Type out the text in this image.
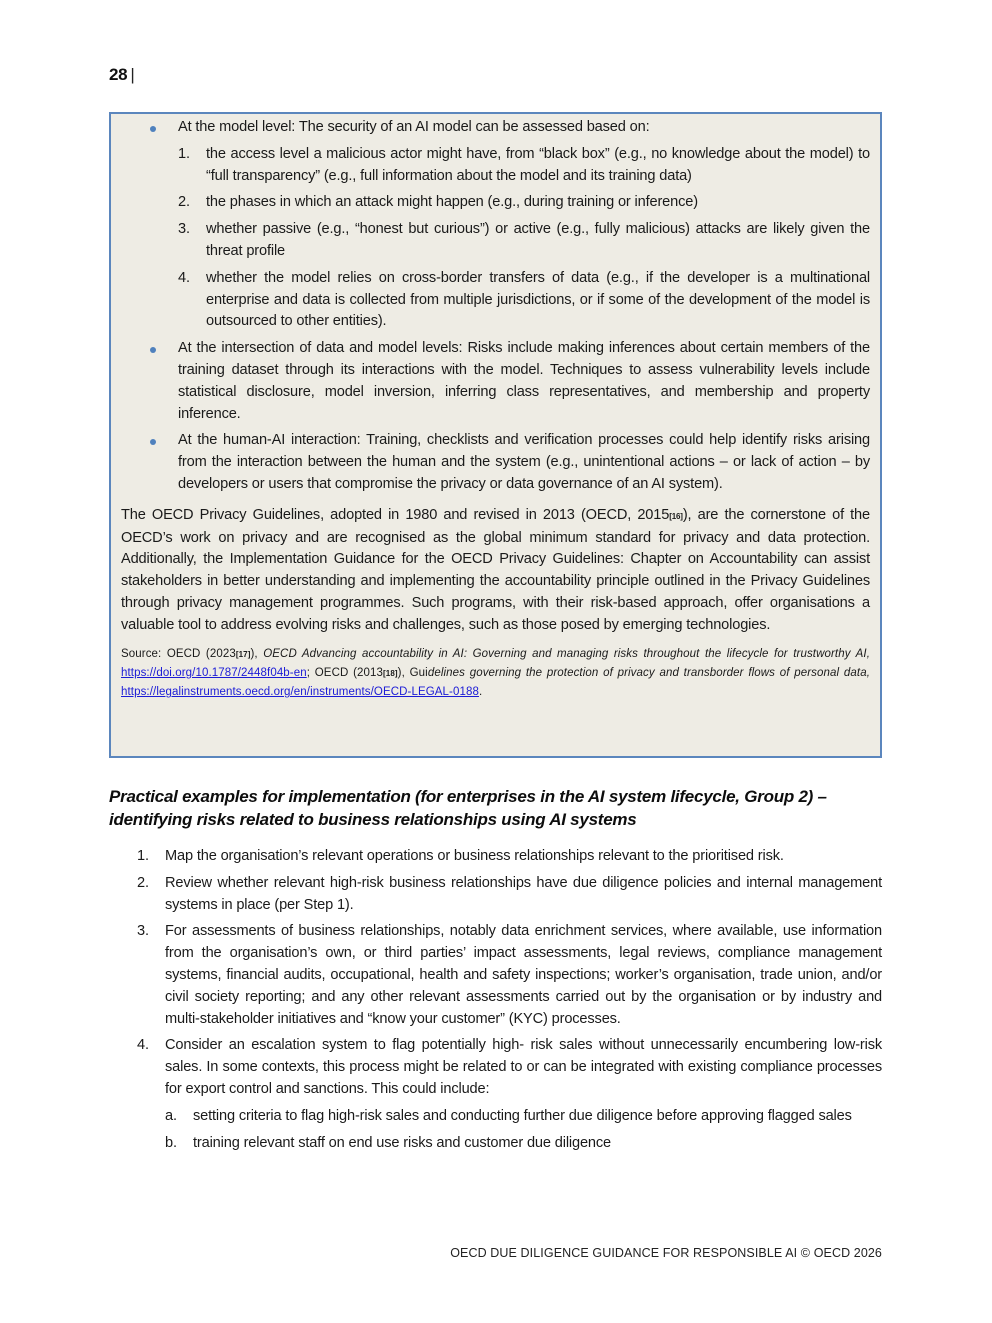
28 |
At the model level: The security of an AI model can be assessed based on:
1. the access level a malicious actor might have, from “black box” (e.g., no knowledge about the model) to “full transparency” (e.g., full information about the model and its training data)
2. the phases in which an attack might happen (e.g., during training or inference)
3. whether passive (e.g., “honest but curious”) or active (e.g., fully malicious) attacks are likely given the threat profile
4. whether the model relies on cross-border transfers of data (e.g., if the developer is a multinational enterprise and data is collected from multiple jurisdictions, or if some of the development of the model is outsourced to other entities).
At the intersection of data and model levels: Risks include making inferences about certain members of the training dataset through its interactions with the model. Techniques to assess vulnerability levels include statistical disclosure, model inversion, inferring class representatives, and membership and property inference.
At the human-AI interaction: Training, checklists and verification processes could help identify risks arising from the interaction between the human and the system (e.g., unintentional actions – or lack of action – by developers or users that compromise the privacy or data governance of an AI system).
The OECD Privacy Guidelines, adopted in 1980 and revised in 2013 (OECD, 2015[16]), are the cornerstone of the OECD’s work on privacy and are recognised as the global minimum standard for privacy and data protection. Additionally, the Implementation Guidance for the OECD Privacy Guidelines: Chapter on Accountability can assist stakeholders in better understanding and implementing the accountability principle outlined in the Privacy Guidelines through privacy management programmes. Such programs, with their risk-based approach, offer organisations a valuable tool to address evolving risks and challenges, such as those posed by emerging technologies.
Source: OECD (2023[17]), OECD Advancing accountability in AI: Governing and managing risks throughout the lifecycle for trustworthy AI, https://doi.org/10.1787/2448f04b-en; OECD (2013[18]), Guidelines governing the protection of privacy and transborder flows of personal data, https://legalinstruments.oecd.org/en/instruments/OECD-LEGAL-0188.
Practical examples for implementation (for enterprises in the AI system lifecycle, Group 2) – identifying risks related to business relationships using AI systems
1. Map the organisation’s relevant operations or business relationships relevant to the prioritised risk.
2. Review whether relevant high-risk business relationships have due diligence policies and internal management systems in place (per Step 1).
3. For assessments of business relationships, notably data enrichment services, where available, use information from the organisation’s own, or third parties’ impact assessments, legal reviews, compliance management systems, financial audits, occupational, health and safety inspections; worker’s organisation, trade union, and/or civil society reporting; and any other relevant assessments carried out by the organisation or by industry and multi-stakeholder initiatives and “know your customer” (KYC) processes.
4. Consider an escalation system to flag potentially high- risk sales without unnecessarily encumbering low-risk sales. In some contexts, this process might be related to or can be integrated with existing compliance processes for export control and sanctions. This could include:
a. setting criteria to flag high-risk sales and conducting further due diligence before approving flagged sales
b. training relevant staff on end use risks and customer due diligence
OECD DUE DILIGENCE GUIDANCE FOR RESPONSIBLE AI © OECD 2026
